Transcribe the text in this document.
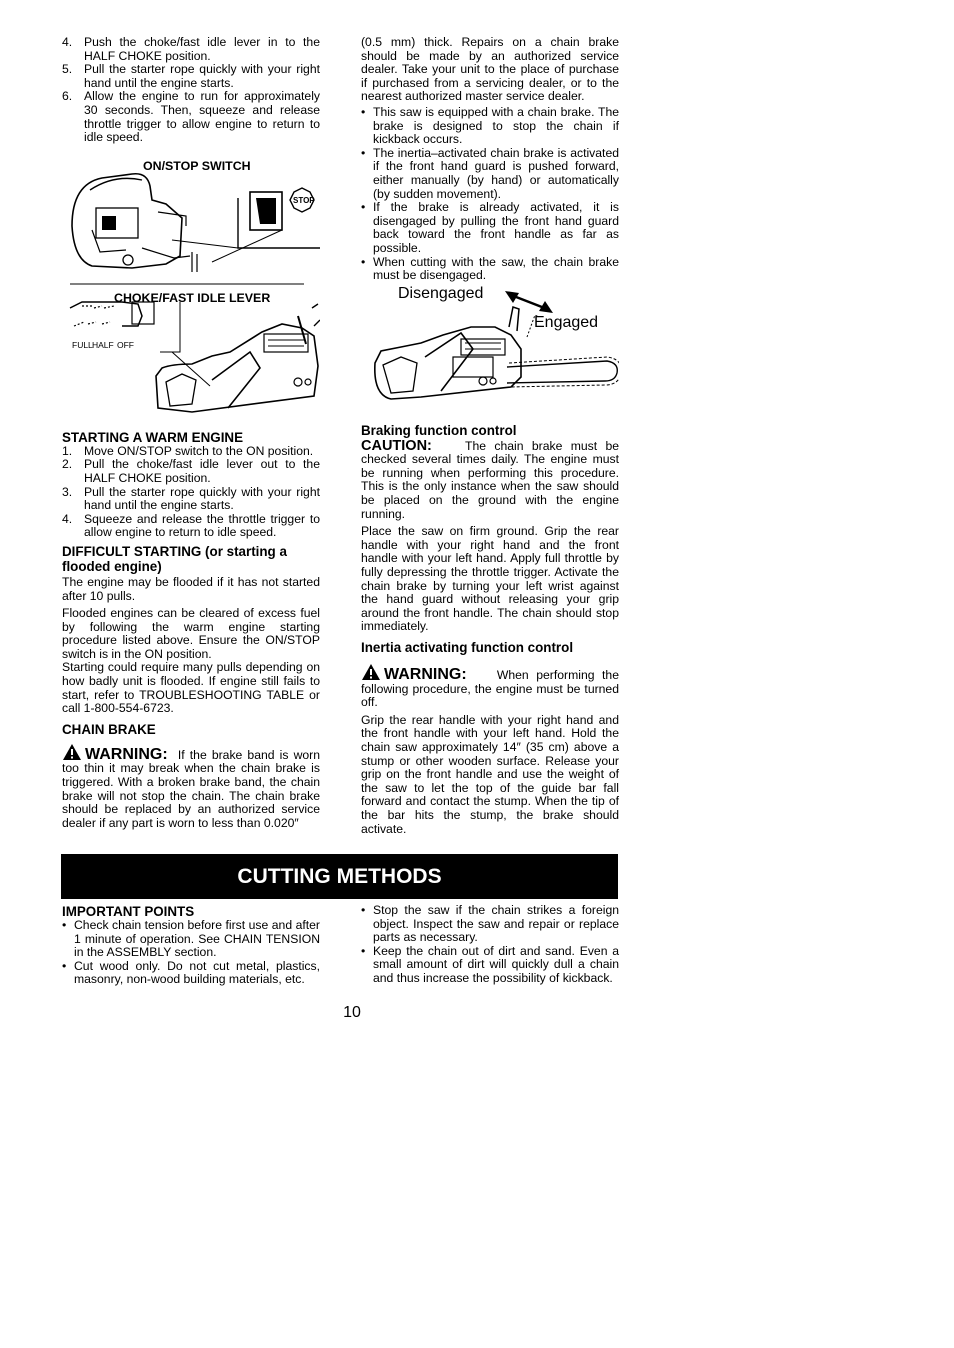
4. Push the choke/fast idle lever in to the HALF CHOKE position.
5. Pull the starter rope quickly with your right hand until the engine starts.
6. Allow the engine to run for approximately 30 seconds. Then, squeeze and release throttle trigger to allow engine to return to idle speed.
ON/STOP SWITCH
STOP
FULL HALF OFF
CHOKE/FAST IDLE LEVER
STARTING A WARM ENGINE
1. Move ON/STOP switch to the ON position.
2. Pull the choke/fast idle lever out to the HALF CHOKE position.
3. Pull the starter rope quickly with your right hand until the engine starts.
4. Squeeze and release the throttle trigger to allow engine to return to idle speed.
DIFFICULT STARTING (or starting a flooded engine)

The engine may be flooded if it has not started after 10 pulls.

Flooded engines can be cleared of excess fuel by following the warm engine starting procedure listed above. Ensure the ON/STOP switch is in the ON position.

Starting could require many pulls depending on how badly unit is flooded. If engine still fails to start, refer to TROUBLESHOOTING TABLE or call 1-800-554-6723.

CHAIN BRAKE

WARNING: If the brake band is worn too thin it may break when the chain brake is triggered. With a broken brake band, the chain brake will not stop the chain. The chain brake should be replaced by an authorized service dealer if any part is worn to less than 0.020″

(0.5 mm) thick. Repairs on a chain brake should be made by an authorized service dealer. Take your unit to the place of purchase if purchased from a servicing dealer, or to the nearest authorized master service dealer.

• This saw is equipped with a chain brake. The brake is designed to stop the chain if kickback occurs.
• The inertia–activated chain brake is activated if the front hand guard is pushed forward, either manually (by hand) or automatically (by sudden movement).
• If the brake is already activated, it is disengaged by pulling the front hand guard back toward the front handle as far as possible.
• When cutting with the saw, the chain brake must be disengaged.
Disengaged
Engaged
Braking function control

CAUTION:	The chain brake must be checked several times daily. The engine must be running when performing this procedure. This is the only instance when the saw should be placed on the ground with the engine running.

Place the saw on firm ground. Grip the rear handle with your right hand and the front handle with your left hand. Apply full throttle by fully depressing the throttle trigger. Activate the chain brake by turning your left wrist against the hand guard without releasing your grip around the front handle. The chain should stop immediately.

Inertia activating function control

WARNING: When performing the following procedure, the engine must be turned off.

Grip the rear handle with your right hand and the front handle with your left hand. Hold the chain saw approximately 14″ (35 cm) above a stump or other wooden surface. Release your grip on the front handle and use the weight of the saw to let the top of the guide bar fall forward and contact the stump. When the tip of the bar hits the stump, the brake should activate.

CUTTING METHODS
IMPORTANT POINTS
• Check chain tension before first use and after 1 minute of operation. See CHAIN TENSION in the ASSEMBLY section.
• Cut wood only. Do not cut metal, plastics, masonry, non-wood building materials, etc.
• Stop the saw if the chain strikes a foreign object. Inspect the saw and repair or replace parts as necessary.
• Keep the chain out of dirt and sand. Even a small amount of dirt will quickly dull a chain and thus increase the possibility of kickback.
10
